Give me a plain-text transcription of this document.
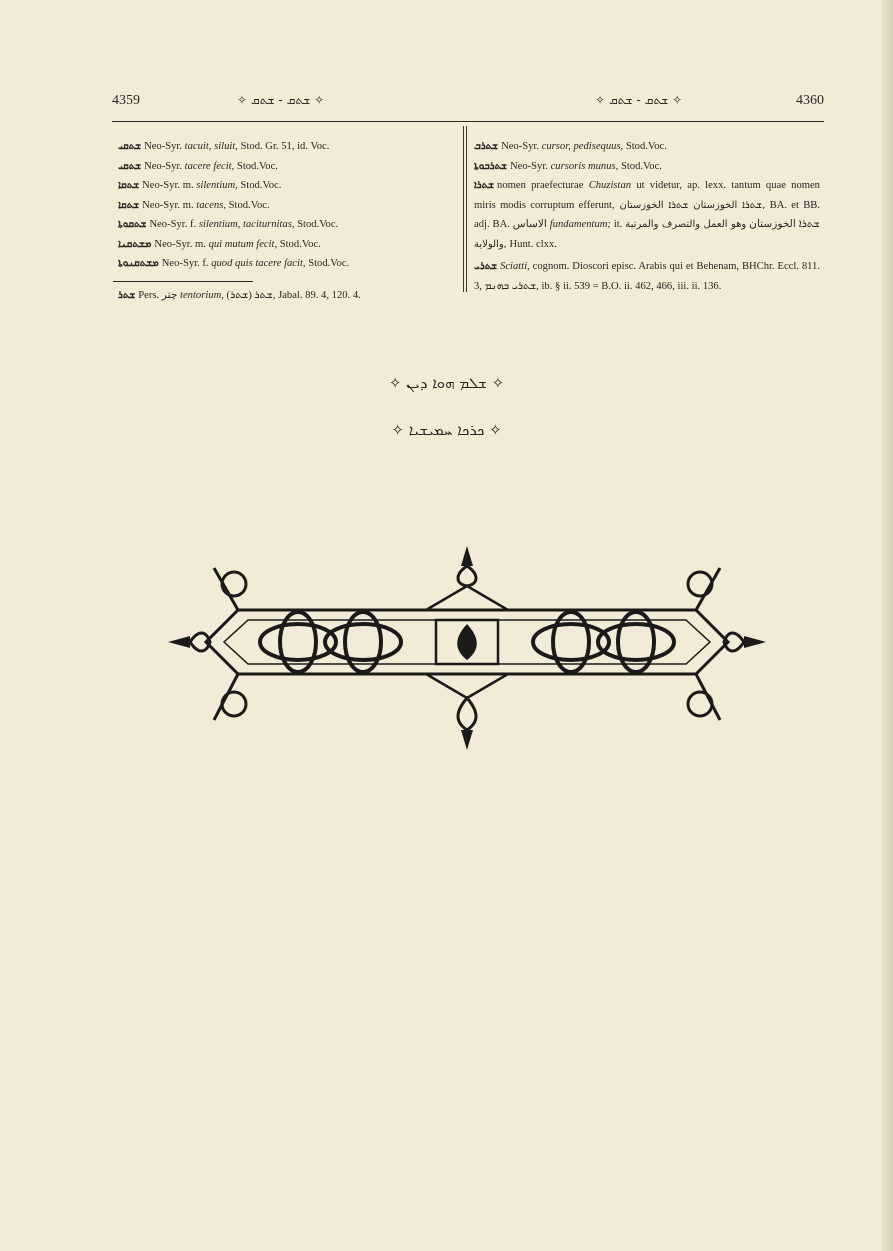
4359	✧ ܫܬܩ - ܫܬܩ ✧	✧ ܫܬܩ - ܫܬܩ ✧	4360
ܫܬܩܝ Neo-Syr. tacuit, siluit, Stod. Gr. 51, id. Voc.
ܫܬܩܝ Neo-Syr. tacere fecit, Stod.Voc.
ܫܬܩܐ Neo-Syr. m. silentium, Stod.Voc.
ܫܬܩܐ Neo-Syr. m. tacens, Stod.Voc.
ܫܬܩܘܬܐ Neo-Syr. f. silentium, taciturnitas, Stod.Voc.
ܡܫܬܩܢܐ Neo-Syr. m. qui mutum fecit, Stod.Voc.
ܡܫܬܩܢܘܬܐ Neo-Syr. f. quod quis tacere facit, Stod.Voc.
ܫܬܪ Pers. چتر tentorium, (ܫܬܪ) ܫܬܪ, Jabal. 89. 4, 120. 4.
ܫܬܪܒ Neo-Syr. cursor, pedisequus, Stod.Voc.
ܫܬܪܒܘܬܐ Neo-Syr. cursoris munus, Stod.Voc.
ܫܬܪܐ nomen praefecturae Chuzistan ut videtur, ap. lexx. tantum quae nomen miris modis corruptum efferunt, ܫܬܪܐ الخوزستان ܫܬܪܐ الخوزستان, BA. et BB. adj. BA. الاساس fundamentum; it. ܫܬܪܐ الخوزستان وهو العمل والتصرف والمرتبة والولاية, Hunt. clxx.
ܫܬܪܝ Sciatti, cognom. Dioscori episc. Arabis qui et Behenam, BHChr. Eccl. 811. 3, ܫܬܪܝ ܒܗܢܡ, ib. § ii. 539 = B.O. ii. 462, 466, iii. ii. 136.
✧ ܫܠܡ ܗܘܐ ܕܝܢ ✧
✧ ܟܪܟܐ ܚܡܝܫܝܐ ✧
